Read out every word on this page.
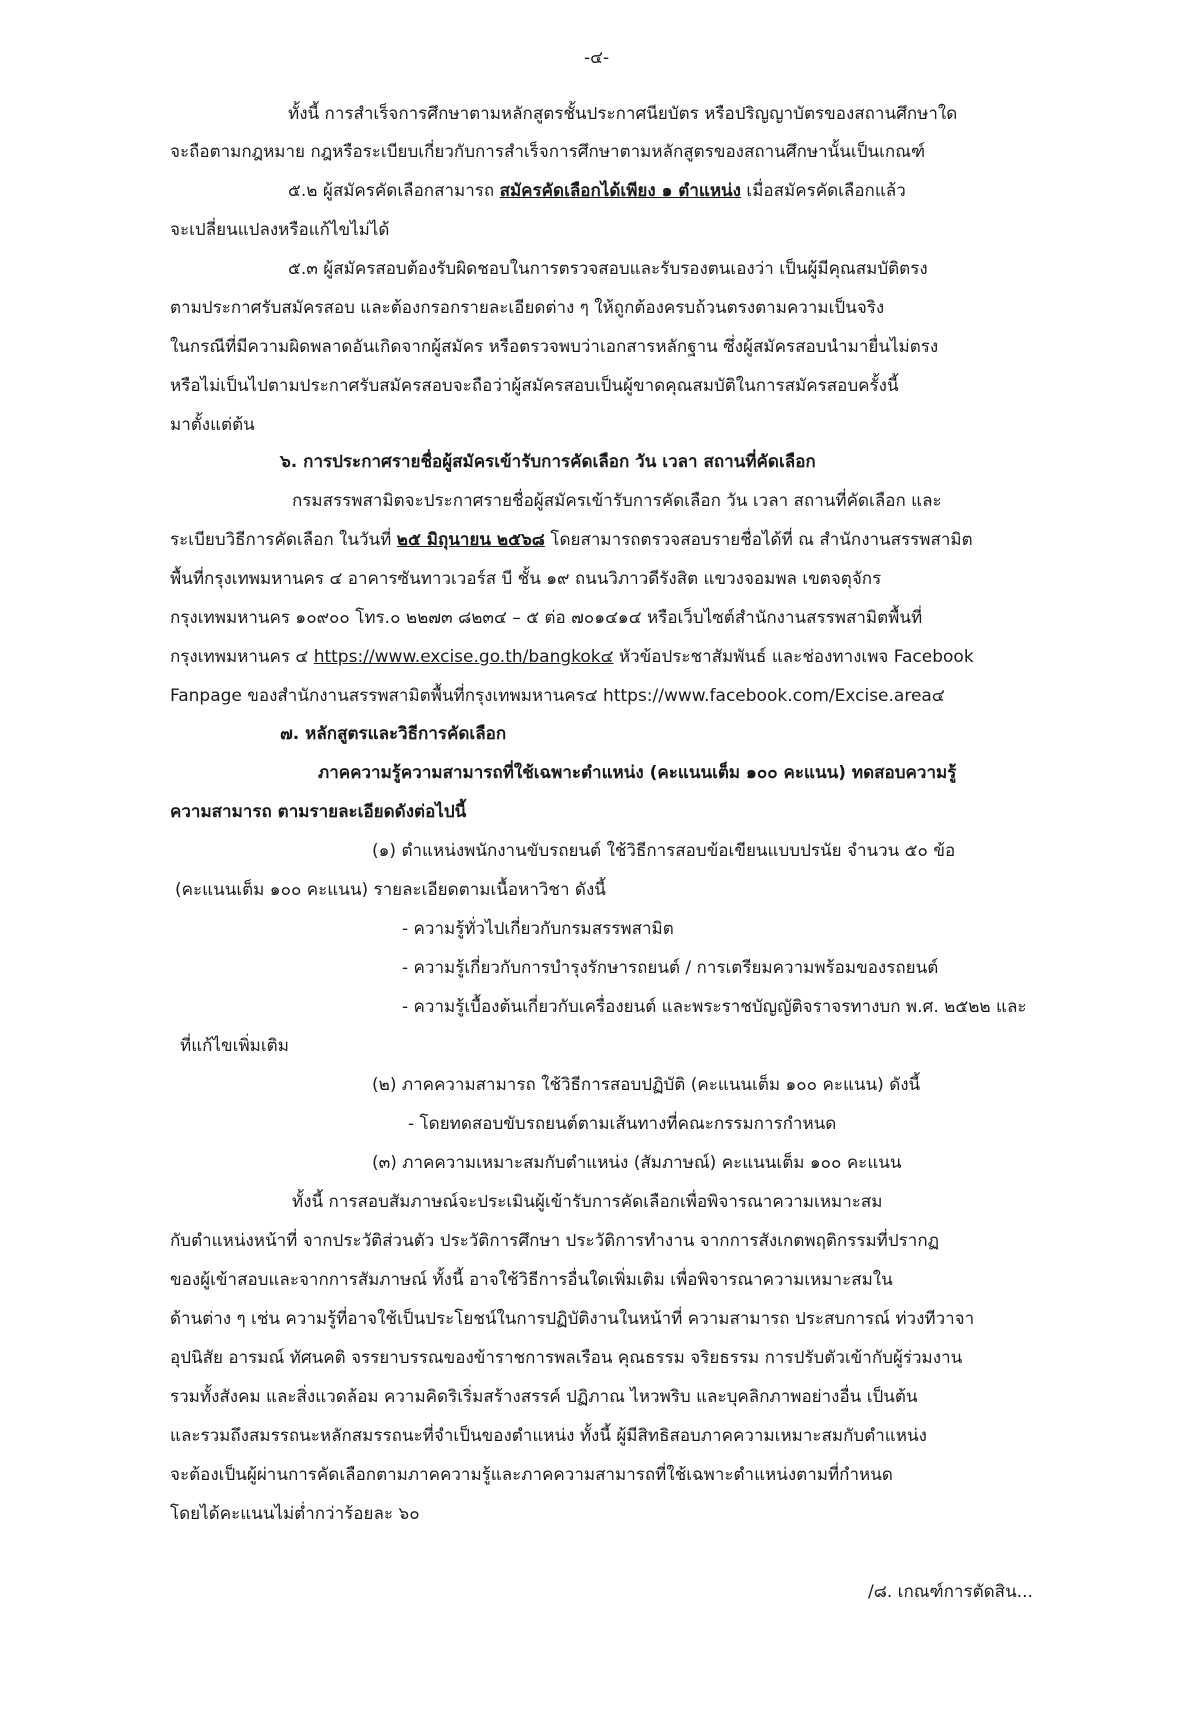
-๔-
ทั้งนี้ การสำเร็จการศึกษาตามหลักสูตรชั้นประกาศนียบัตร หรือปริญญาบัตรของสถานศึกษาใด
จะถือตามกฎหมาย กฎหรือระเบียบเกี่ยวกับการสำเร็จการศึกษาตามหลักสูตรของสถานศึกษานั้นเป็นเกณฑ์
๕.๒ ผู้สมัครคัดเลือกสามารถ สมัครคัดเลือกได้เพียง ๑ ตำแหน่ง เมื่อสมัครคัดเลือกแล้ว
จะเปลี่ยนแปลงหรือแก้ไขไม่ได้
๕.๓ ผู้สมัครสอบต้องรับผิดชอบในการตรวจสอบและรับรองตนเองว่า เป็นผู้มีคุณสมบัติตรง
ตามประกาศรับสมัครสอบ และต้องกรอกรายละเอียดต่าง ๆ ให้ถูกต้องครบถ้วนตรงตามความเป็นจริง
ในกรณีที่มีความผิดพลาดอันเกิดจากผู้สมัคร หรือตรวจพบว่าเอกสารหลักฐาน ซึ่งผู้สมัครสอบนำมายื่นไม่ตรง
หรือไม่เป็นไปตามประกาศรับสมัครสอบจะถือว่าผู้สมัครสอบเป็นผู้ขาดคุณสมบัติในการสมัครสอบครั้งนี้
มาตั้งแต่ต้น
๖. การประกาศรายชื่อผู้สมัครเข้ารับการคัดเลือก วัน เวลา สถานที่คัดเลือก
กรมสรรพสามิตจะประกาศรายชื่อผู้สมัครเข้ารับการคัดเลือก วัน เวลา สถานที่คัดเลือก และ
ระเบียบวิธีการคัดเลือก ในวันที่ ๒๕ มิถุนายน ๒๕๖๘ โดยสามารถตรวจสอบรายชื่อได้ที่ ณ สำนักงานสรรพสามิต
พื้นที่กรุงเทพมหานคร ๔ อาคารซันทาวเวอร์ส บี ชั้น ๑๙ ถนนวิภาวดีรังสิต แขวงจอมพล เขตจตุจักร
กรุงเทพมหานคร ๑๐๙๐๐ โทร.๐ ๒๒๗๓ ๘๒๓๔ – ๕ ต่อ ๗๐๑๔๑๔ หรือเว็บไซต์สำนักงานสรรพสามิตพื้นที่
กรุงเทพมหานคร ๔ https://www.excise.go.th/bangkok๔ หัวข้อประชาสัมพันธ์ และช่องทางเพจ Facebook
Fanpage ของสำนักงานสรรพสามิตพื้นที่กรุงเทพมหานคร๔ https://www.facebook.com/Excise.area๔
๗. หลักสูตรและวิธีการคัดเลือก
ภาคความรู้ความสามารถที่ใช้เฉพาะตำแหน่ง (คะแนนเต็ม ๑๐๐ คะแนน) ทดสอบความรู้
ความสามารถ ตามรายละเอียดดังต่อไปนี้
(๑) ตำแหน่งพนักงานขับรถยนต์ ใช้วิธีการสอบข้อเขียนแบบปรนัย จำนวน ๕๐ ข้อ
(คะแนนเต็ม ๑๐๐ คะแนน) รายละเอียดตามเนื้อหาวิชา ดังนี้
- ความรู้ทั่วไปเกี่ยวกับกรมสรรพสามิต
- ความรู้เกี่ยวกับการบำรุงรักษารถยนต์ / การเตรียมความพร้อมของรถยนต์
- ความรู้เบื้องต้นเกี่ยวกับเครื่องยนต์ และพระราชบัญญัติจราจรทางบก พ.ศ. ๒๕๒๒ และ
ที่แก้ไขเพิ่มเติม
(๒) ภาคความสามารถ ใช้วิธีการสอบปฏิบัติ (คะแนนเต็ม ๑๐๐ คะแนน) ดังนี้
- โดยทดสอบขับรถยนต์ตามเส้นทางที่คณะกรรมการกำหนด
(๓) ภาคความเหมาะสมกับตำแหน่ง (สัมภาษณ์) คะแนนเต็ม ๑๐๐ คะแนน
ทั้งนี้ การสอบสัมภาษณ์จะประเมินผู้เข้ารับการคัดเลือกเพื่อพิจารณาความเหมาะสม
กับตำแหน่งหน้าที่ จากประวัติส่วนตัว ประวัติการศึกษา ประวัติการทำงาน จากการสังเกตพฤติกรรมที่ปรากฏ
ของผู้เข้าสอบและจากการสัมภาษณ์ ทั้งนี้ อาจใช้วิธีการอื่นใดเพิ่มเติม เพื่อพิจารณาความเหมาะสมใน
ด้านต่าง ๆ เช่น ความรู้ที่อาจใช้เป็นประโยชน์ในการปฏิบัติงานในหน้าที่ ความสามารถ ประสบการณ์ ท่วงทีวาจา
อุปนิสัย อารมณ์ ทัศนคติ จรรยาบรรณของข้าราชการพลเรือน คุณธรรม จริยธรรม การปรับตัวเข้ากับผู้ร่วมงาน
รวมทั้งสังคม และสิ่งแวดล้อม ความคิดริเริ่มสร้างสรรค์ ปฏิภาณ ไหวพริบ และบุคลิกภาพอย่างอื่น เป็นต้น
และรวมถึงสมรรถนะหลักสมรรถนะที่จำเป็นของตำแหน่ง ทั้งนี้ ผู้มีสิทธิสอบภาคความเหมาะสมกับตำแหน่ง
จะต้องเป็นผู้ผ่านการคัดเลือกตามภาคความรู้และภาคความสามารถที่ใช้เฉพาะตำแหน่งตามที่กำหนด
โดยได้คะแนนไม่ต่ำกว่าร้อยละ ๖๐
/๘. เกณฑ์การตัดสิน...
